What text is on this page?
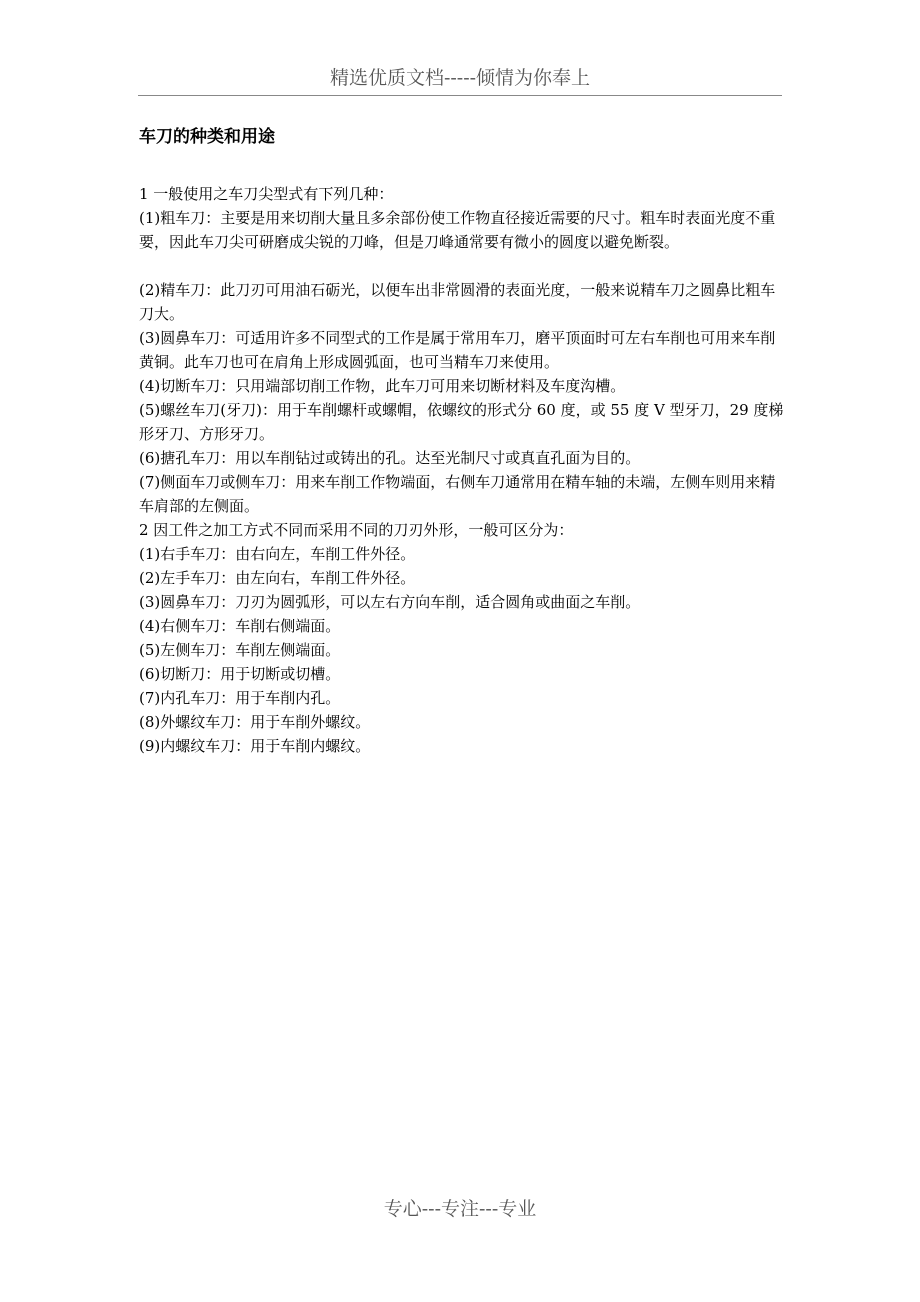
精选优质文档-----倾情为你奉上
车刀的种类和用途

1 一般使用之车刀尖型式有下列几种：

(1)粗车刀：主要是用来切削大量且多余部份使工作物直径接近需要的尺寸。粗车时表面光度不重要，因此车刀尖可研磨成尖锐的刀峰，但是刀峰通常要有微小的圆度以避免断裂。

(2)精车刀：此刀刃可用油石砺光，以便车出非常圆滑的表面光度，一般来说精车刀之圆鼻比粗车刀大。

(3)圆鼻车刀：可适用许多不同型式的工作是属于常用车刀，磨平顶面时可左右车削也可用来车削黄铜。此车刀也可在肩角上形成圆弧面，也可当精车刀来使用。

(4)切断车刀：只用端部切削工作物，此车刀可用来切断材料及车度沟槽。

(5)螺丝车刀(牙刀)：用于车削螺杆或螺帽，依螺纹的形式分 60 度，或 55 度 V 型牙刀，29 度梯形牙刀、方形牙刀。

(6)搪孔车刀：用以车削钻过或铸出的孔。达至光制尺寸或真直孔面为目的。

(7)侧面车刀或侧车刀：用来车削工作物端面，右侧车刀通常用在精车轴的未端，左侧车则用来精车肩部的左侧面。

2 因工件之加工方式不同而采用不同的刀刃外形，一般可区分为：

(1)右手车刀：由右向左，车削工件外径。

(2)左手车刀：由左向右，车削工件外径。

(3)圆鼻车刀：刀刃为圆弧形，可以左右方向车削，适合圆角或曲面之车削。

(4)右侧车刀：车削右侧端面。

(5)左侧车刀：车削左侧端面。

(6)切断刀：用于切断或切槽。

(7)内孔车刀：用于车削内孔。

(8)外螺纹车刀：用于车削外螺纹。

(9)内螺纹车刀：用于车削内螺纹。

专心---专注---专业
